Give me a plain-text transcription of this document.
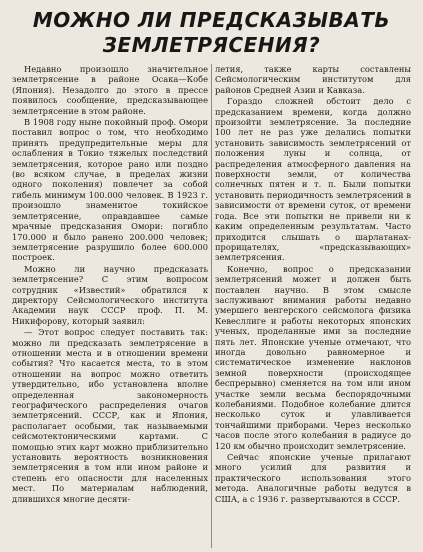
МОЖНО ЛИ ПРЕДСКАЗЫВАТЬ
ЗЕМЛЕТРЯСЕНИЯ?

Недавно произошло значительное землетрясение в районе Осака—Кобе (Япония). Незадолго до этого в прессе появилось сообщение, предсказывающее землетрясение в этом районе.

В 1908 году ныне покойный проф. Омори поставил вопрос о том, что необходимо принять предупредительные меры для ослабления в Токио тяжелых последствий землетрясения, которое рано или поздно (во всяком случае, в пределах жизни одного поколения) повлечет за собой гибель минимум 100.000 человек. В 1923 г. произошло знаменитое токийское землетрясение, оправдавшее самые мрачные предсказания Омори: погибло 170.000 и было ранено 200.000 человек; землетрясение разрушило более 600.000 построек.

Можно ли научно предсказать землетрясение? С этим вопросом сотрудник «Известий» обратился к директору Сейсмологического института Академии наук СССР проф. П. М. Никифорову, который заявил:

— Этот вопрос следует поставить так: можно ли предсказать землетрясение в отношении места и в отношении времени события? Что касается места, то в этом отношении на вопрос можно ответить утвердительно, ибо установлена вполне определенная закономерность географического распределения очагов землетрясений. СССР, как и Япония, располагает особыми, так называемыми сейсмотектоническими картами. С помощью этих карт можно приблизительно установить вероятность возникновения землетрясения в том или ином районе и степень его опасности для населенных мест. По материалам наблюдений, длившихся многие десяти-

летия, также карты составлены Сейсмологическим институтом для районов Средней Азии и Кавказа.

Гораздо сложней обстоит дело с предсказанием времени, когда должно произойти землетрясение. За последние 100 лет не раз уже делались попытки установить зависимость землетрясений от положения луны и солнца, от распределения атмосферного давления на поверхности земли, от количества солнечных пятен и т. п. Были попытки установить периодичность землетрясений в зависимости от времени суток, от времени года. Все эти попытки не привели ни к каким определенным результатам. Часто приходится слышать о шарлатанах-прорицателях, «предсказывающих» землетрясения.

Конечно, вопрос о предсказании землетрясений может и должен быть поставлен научно. В этом смысле заслуживают внимания работы недавно умершего венгерского сейсмолога физика Кевесллиге и работы некоторых японских ученых, проделанные ими за последние пять лет. Японские ученые отмечают, что иногда довольно равномерное и систематическое изменение наклонов земной поверхности (происходящее беспрерывно) сменяется на том или ином участке земли весьма беспорядочными колебаниями. Подобное колебание длится несколько суток и улавливается тончайшими приборами. Через несколько часов после этого колебания в радиусе до 120 км обычно происходит землетрясение.

Сейчас японские ученые прилагают много усилий для развития и практического использования этого метода. Аналогичные работы ведутся в США, а с 1936 г. развертываются в СССР.
